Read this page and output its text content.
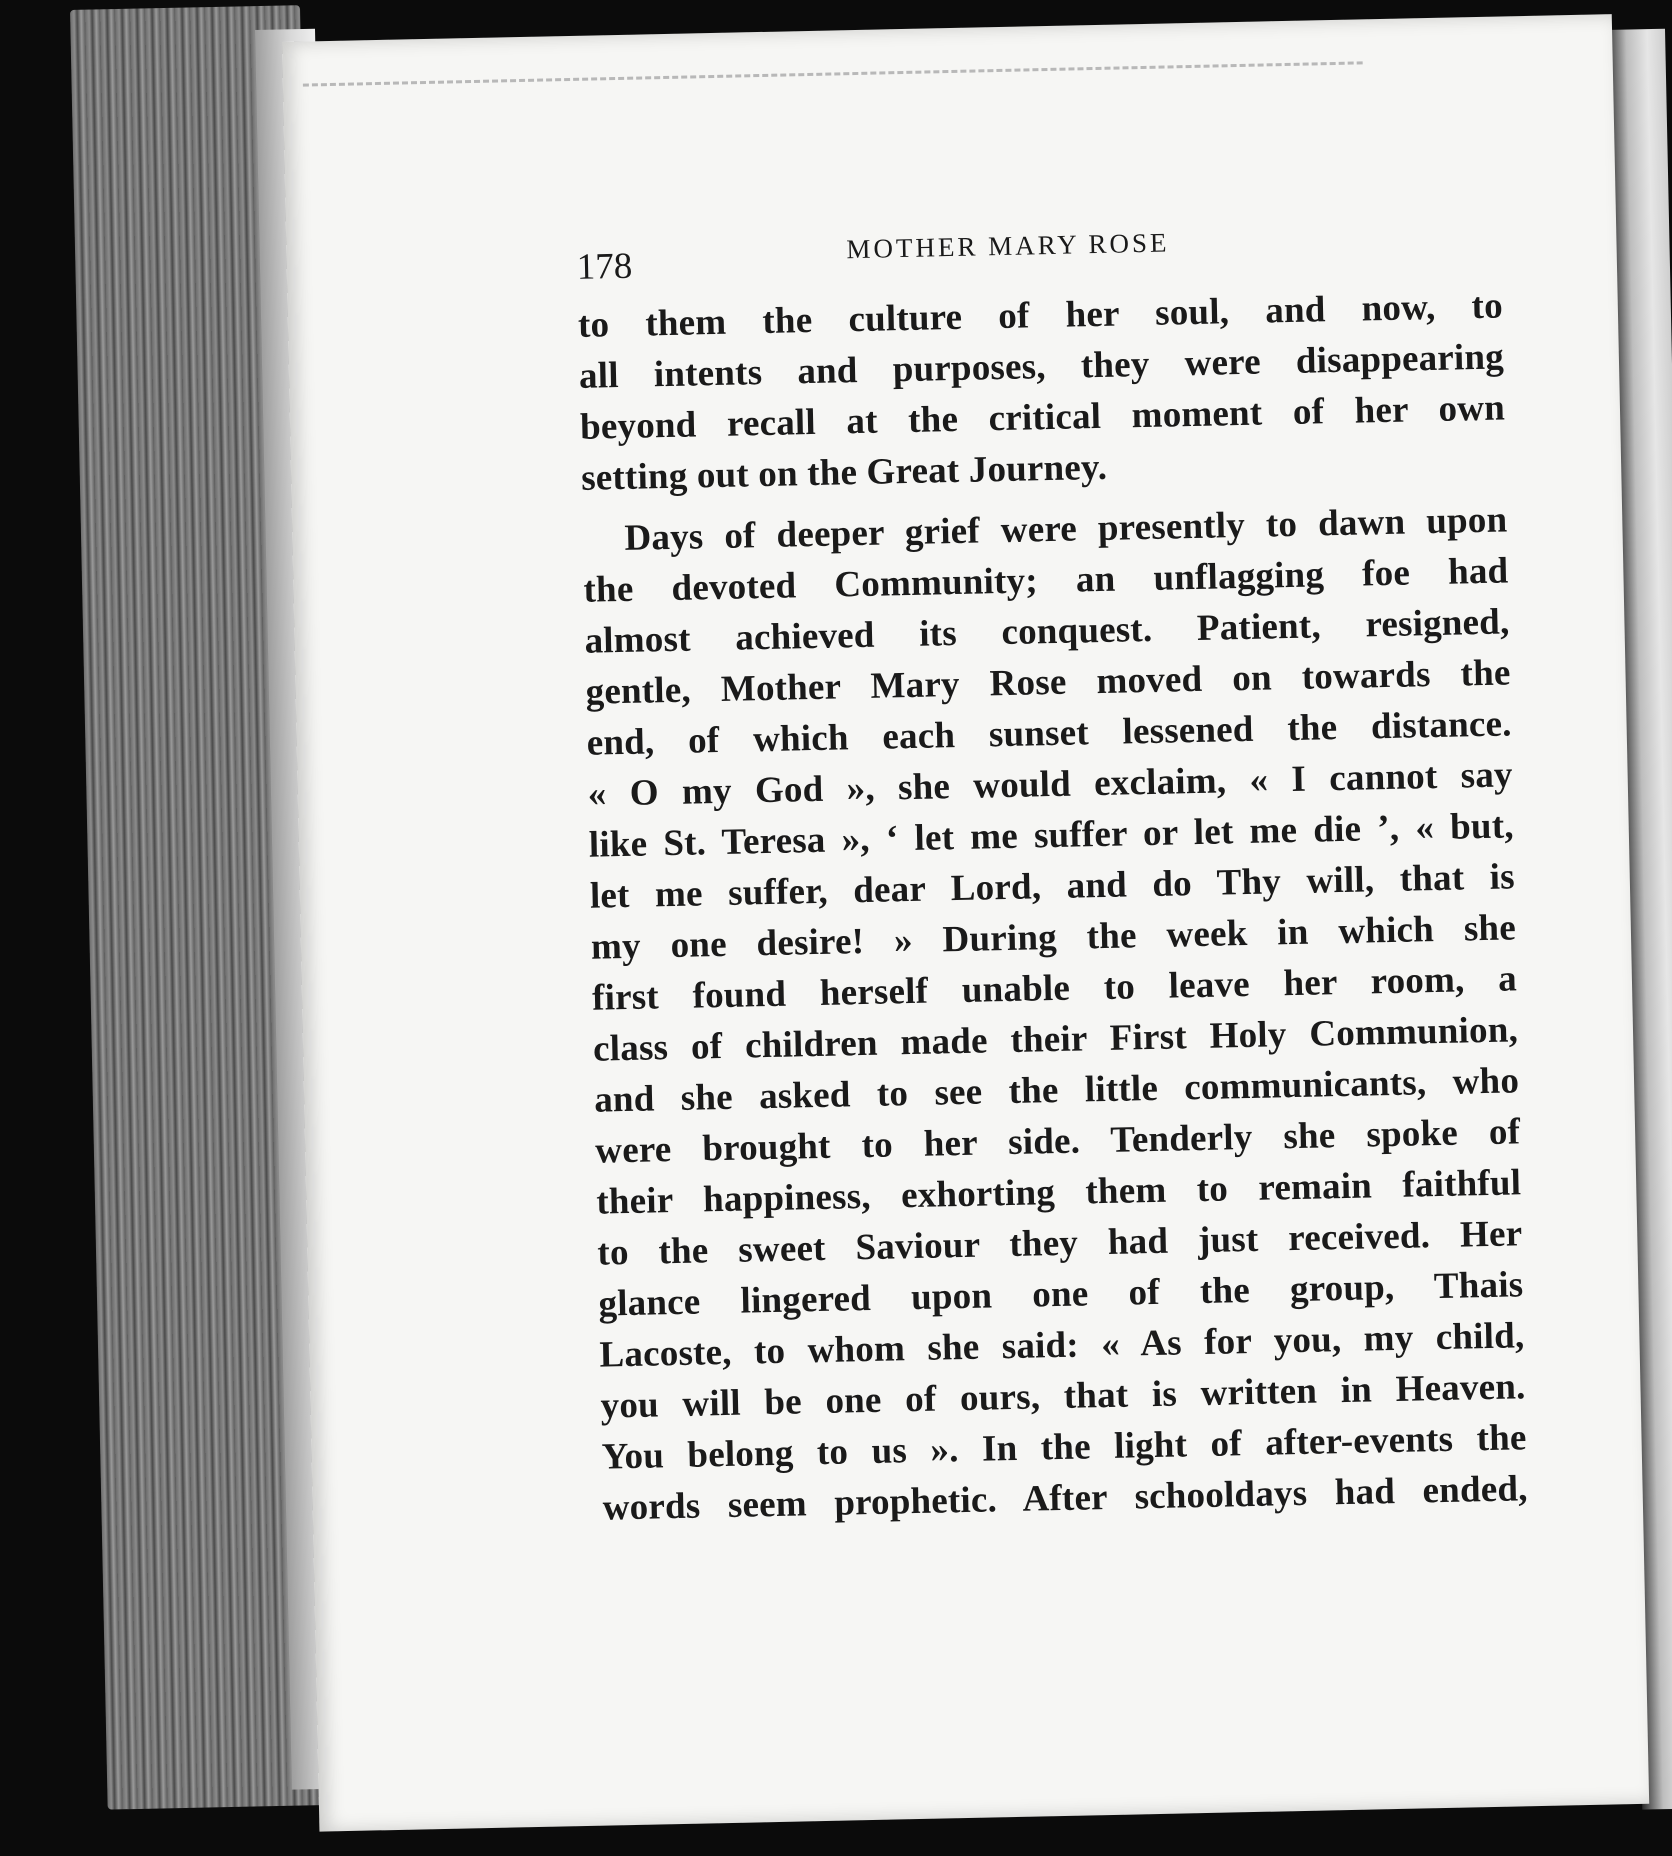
178	MOTHER MARY ROSE
to them the culture of her soul, and now, to
all intents and purposes, they were disappearing
beyond recall at the critical moment of her own
setting out on the Great Journey.
Days of deeper grief were presently to dawn upon
the devoted Community; an unflagging foe had
almost achieved its conquest. Patient, resigned,
gentle, Mother Mary Rose moved on towards the
end, of which each sunset lessened the distance.
« O my God », she would exclaim, « I cannot say
like St. Teresa », ‘ let me suffer or let me die ’, « but,
let me suffer, dear Lord, and do Thy will, that is
my one desire! » During the week in which she
first found herself unable to leave her room, a
class of children made their First Holy Communion,
and she asked to see the little communicants, who
were brought to her side. Tenderly she spoke of
their happiness, exhorting them to remain faithful
to the sweet Saviour they had just received. Her
glance lingered upon one of the group, Thais
Lacoste, to whom she said: « As for you, my child,
you will be one of ours, that is written in Heaven.
You belong to us ». In the light of after-events the
words seem prophetic. After schooldays had ended,
